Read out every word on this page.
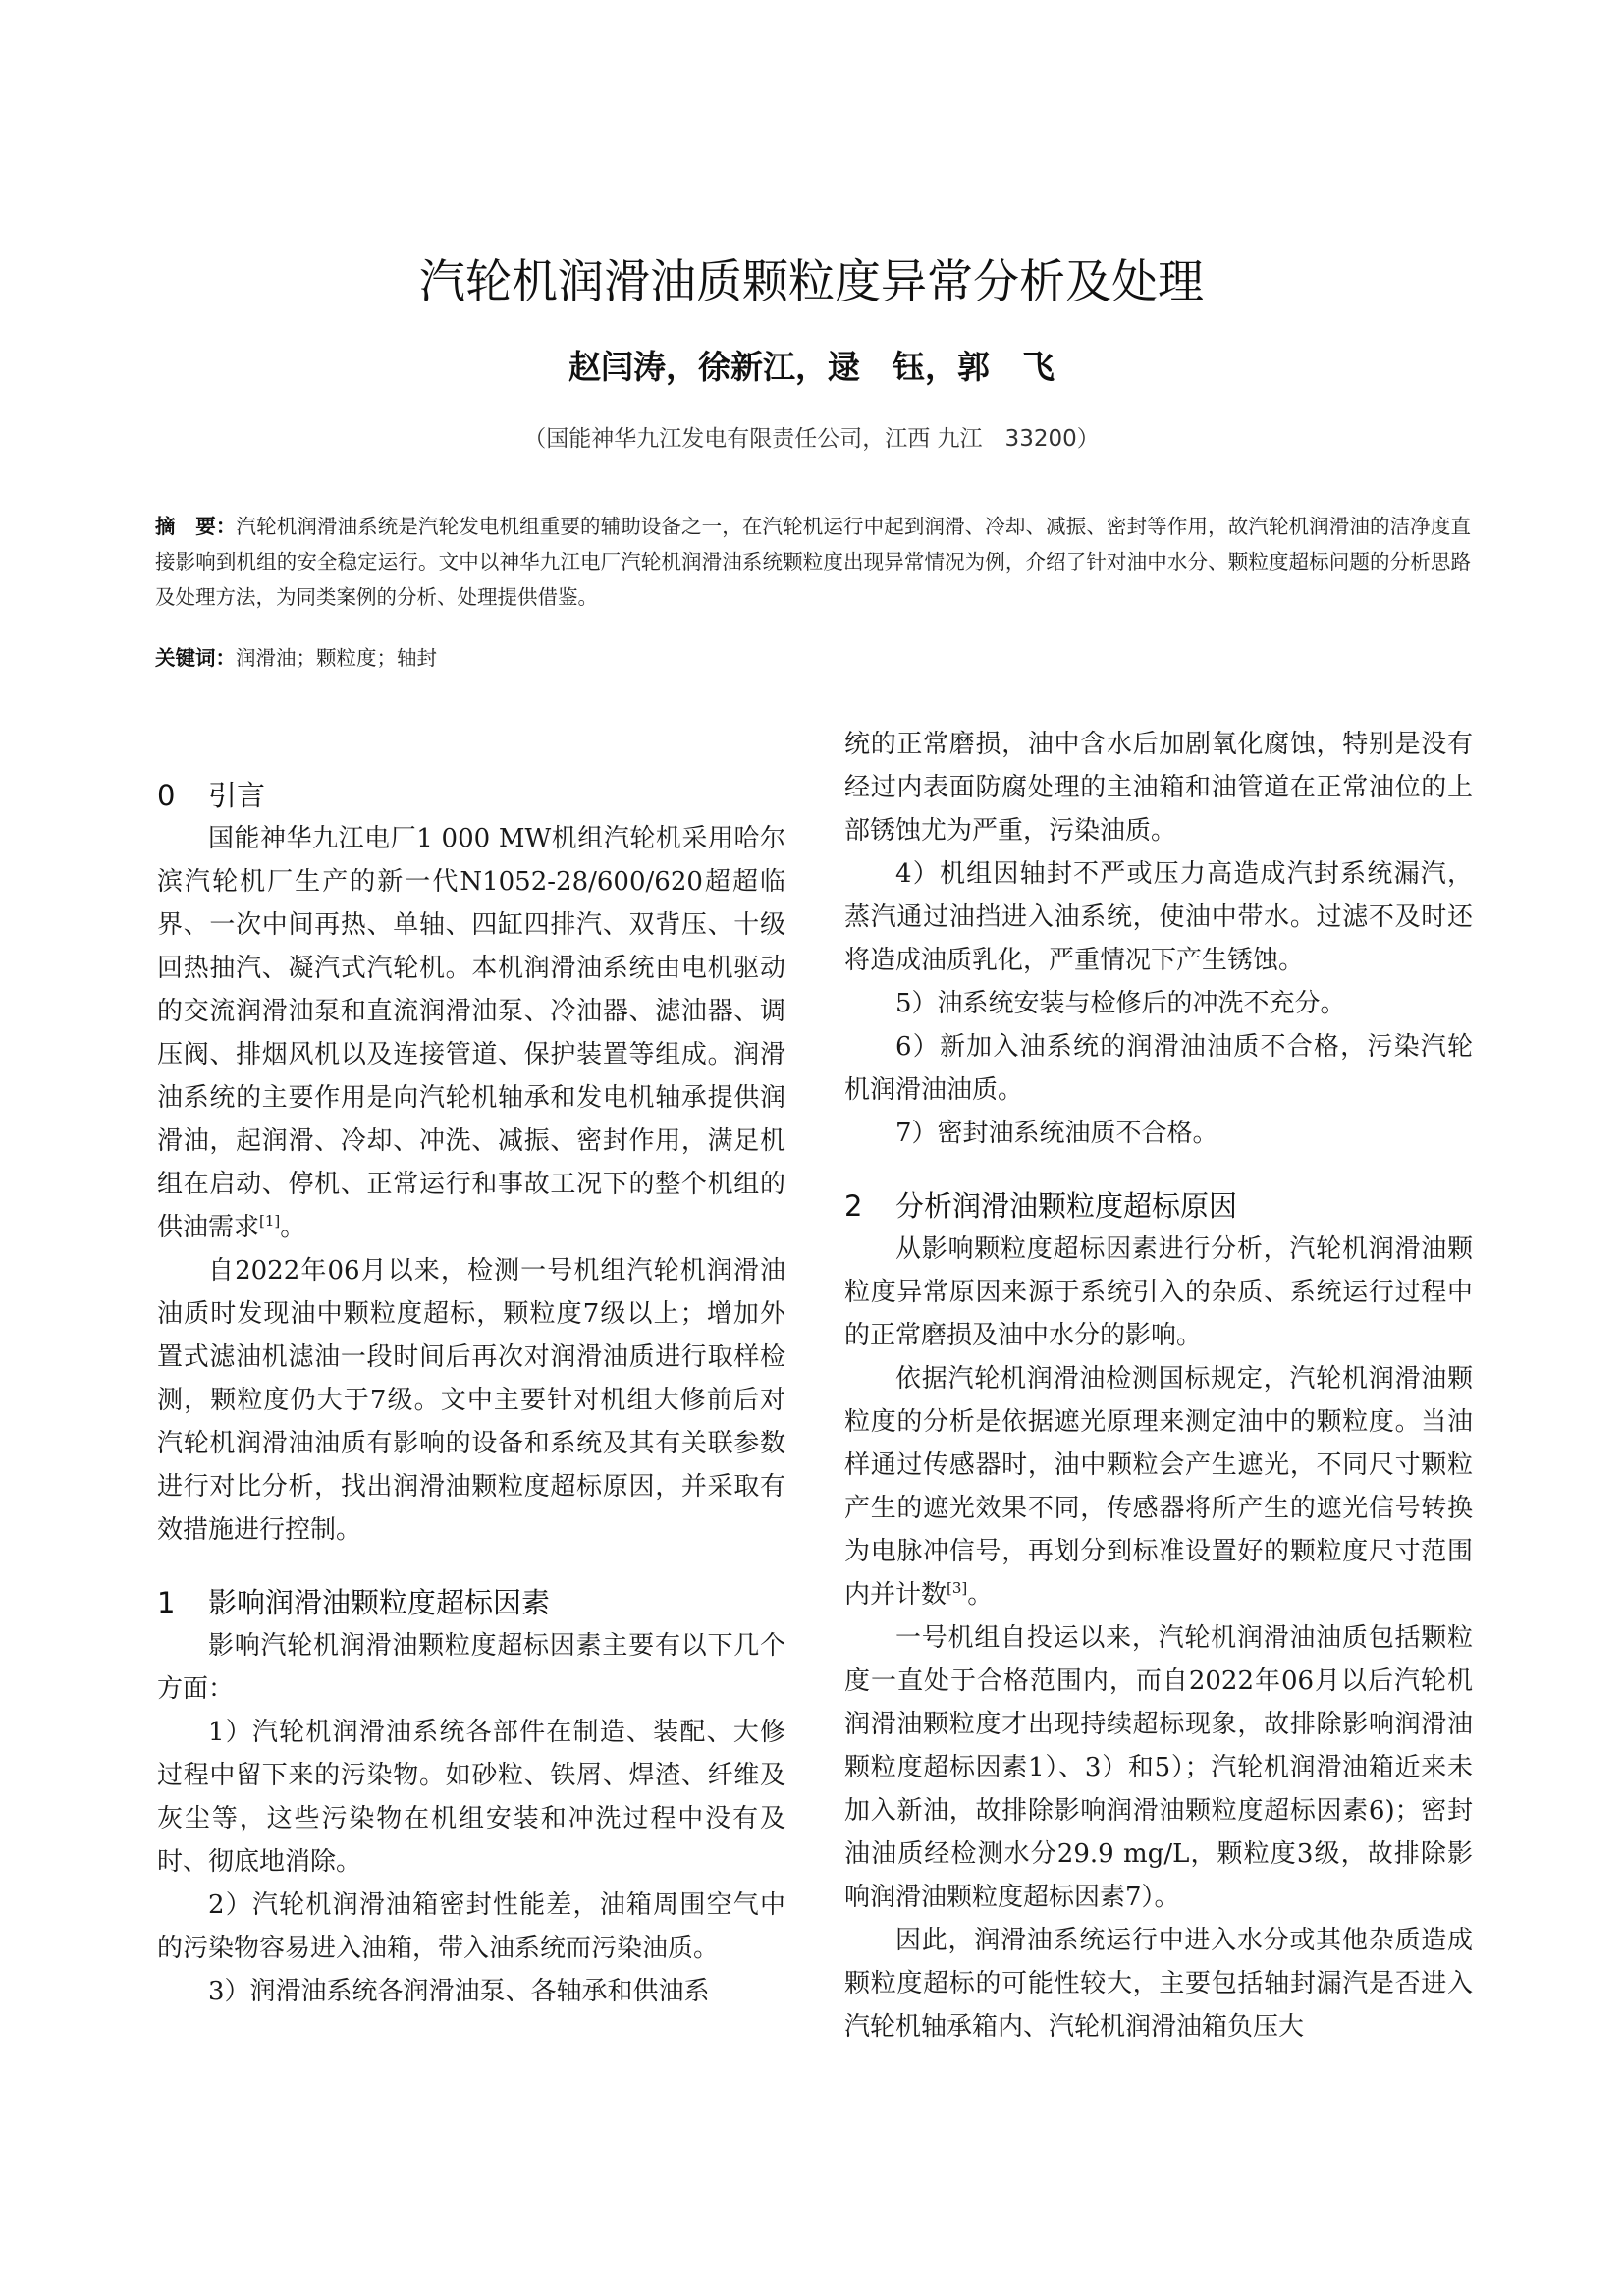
汽轮机润滑油质颗粒度异常分析及处理
赵闫涛，徐新江，逯　钰，郭　飞
（国能神华九江发电有限责任公司，江西 九江　33200）
摘　要：汽轮机润滑油系统是汽轮发电机组重要的辅助设备之一，在汽轮机运行中起到润滑、冷却、减振、密封等作用，故汽轮机润滑油的洁净度直接影响到机组的安全稳定运行。文中以神华九江电厂汽轮机润滑油系统颗粒度出现异常情况为例，介绍了针对油中水分、颗粒度超标问题的分析思路及处理方法，为同类案例的分析、处理提供借鉴。
关键词：润滑油；颗粒度；轴封
0 引言

国能神华九江电厂1 000 MW机组汽轮机采用哈尔滨汽轮机厂生产的新一代N1052-28/600/620超超临界、一次中间再热、单轴、四缸四排汽、双背压、十级回热抽汽、凝汽式汽轮机。本机润滑油系统由电机驱动的交流润滑油泵和直流润滑油泵、冷油器、滤油器、调压阀、排烟风机以及连接管道、保护装置等组成。润滑油系统的主要作用是向汽轮机轴承和发电机轴承提供润滑油，起润滑、冷却、冲洗、减振、密封作用，满足机组在启动、停机、正常运行和事故工况下的整个机组的供油需求[1]。

自2022年06月以来，检测一号机组汽轮机润滑油油质时发现油中颗粒度超标，颗粒度7级以上；增加外置式滤油机滤油一段时间后再次对润滑油质进行取样检测，颗粒度仍大于7级。文中主要针对机组大修前后对汽轮机润滑油油质有影响的设备和系统及其有关联参数进行对比分析，找出润滑油颗粒度超标原因，并采取有效措施进行控制。

1 影响润滑油颗粒度超标因素

影响汽轮机润滑油颗粒度超标因素主要有以下几个方面：

1）汽轮机润滑油系统各部件在制造、装配、大修过程中留下来的污染物。如砂粒、铁屑、焊渣、纤维及灰尘等，这些污染物在机组安装和冲洗过程中没有及时、彻底地消除。

2）汽轮机润滑油箱密封性能差，油箱周围空气中的污染物容易进入油箱，带入油系统而污染油质。

3）润滑油系统各润滑油泵、各轴承和供油系

统的正常磨损，油中含水后加剧氧化腐蚀，特别是没有经过内表面防腐处理的主油箱和油管道在正常油位的上部锈蚀尤为严重，污染油质。

4）机组因轴封不严或压力高造成汽封系统漏汽，蒸汽通过油挡进入油系统，使油中带水。过滤不及时还将造成油质乳化，严重情况下产生锈蚀。

5）油系统安装与检修后的冲洗不充分。

6）新加入油系统的润滑油油质不合格，污染汽轮机润滑油油质。

7）密封油系统油质不合格。

2 分析润滑油颗粒度超标原因

从影响颗粒度超标因素进行分析，汽轮机润滑油颗粒度异常原因来源于系统引入的杂质、系统运行过程中的正常磨损及油中水分的影响。

依据汽轮机润滑油检测国标规定，汽轮机润滑油颗粒度的分析是依据遮光原理来测定油中的颗粒度。当油样通过传感器时，油中颗粒会产生遮光，不同尺寸颗粒产生的遮光效果不同，传感器将所产生的遮光信号转换为电脉冲信号，再划分到标准设置好的颗粒度尺寸范围内并计数[3]。

一号机组自投运以来，汽轮机润滑油油质包括颗粒度一直处于合格范围内，而自2022年06月以后汽轮机润滑油颗粒度才出现持续超标现象，故排除影响润滑油颗粒度超标因素1）、3）和5）；汽轮机润滑油箱近来未加入新油，故排除影响润滑油颗粒度超标因素6)；密封油油质经检测水分29.9 mg/L，颗粒度3级，故排除影响润滑油颗粒度超标因素7）。

因此，润滑油系统运行中进入水分或其他杂质造成颗粒度超标的可能性较大，主要包括轴封漏汽是否进入汽轮机轴承箱内、汽轮机润滑油箱负压大
